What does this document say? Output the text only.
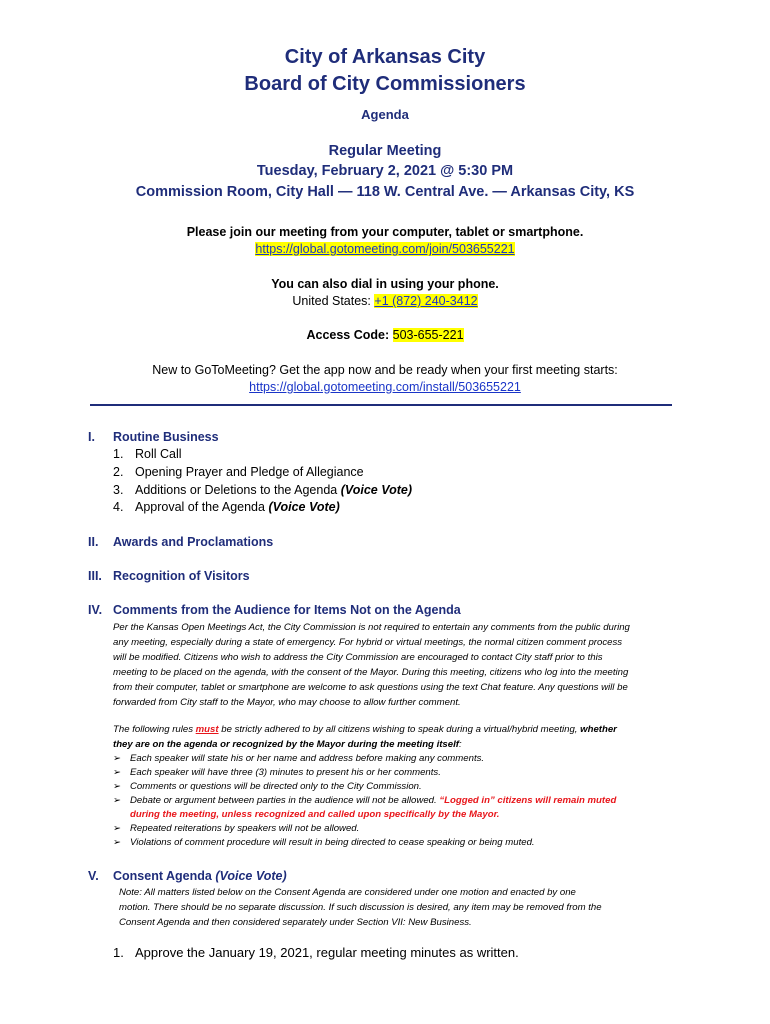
City of Arkansas City
Board of City Commissioners
Agenda
Regular Meeting
Tuesday, February 2, 2021 @ 5:30 PM
Commission Room, City Hall — 118 W. Central Ave. — Arkansas City, KS
Please join our meeting from your computer, tablet or smartphone.
https://global.gotomeeting.com/join/503655221
You can also dial in using your phone.
United States: +1 (872) 240-3412
Access Code: 503-655-221
New to GoToMeeting? Get the app now and be ready when your first meeting starts:
https://global.gotomeeting.com/install/503655221
I. Routine Business
1. Roll Call
2. Opening Prayer and Pledge of Allegiance
3. Additions or Deletions to the Agenda (Voice Vote)
4. Approval of the Agenda (Voice Vote)
II. Awards and Proclamations
III. Recognition of Visitors
IV. Comments from the Audience for Items Not on the Agenda
Per the Kansas Open Meetings Act, the City Commission is not required to entertain any comments from the public during
any meeting, especially during a state of emergency. For hybrid or virtual meetings, the normal citizen comment process
will be modified. Citizens who wish to address the City Commission are encouraged to contact City staff prior to this
meeting to be placed on the agenda, with the consent of the Mayor. During this meeting, citizens who log into the meeting
from their computer, tablet or smartphone are welcome to ask questions using the text Chat feature. Any questions will be
forwarded from City staff to the Mayor, who may choose to allow further comment.
The following rules must be strictly adhered to by all citizens wishing to speak during a virtual/hybrid meeting, whether
they are on the agenda or recognized by the Mayor during the meeting itself:
➢ Each speaker will state his or her name and address before making any comments.
➢ Each speaker will have three (3) minutes to present his or her comments.
➢ Comments or questions will be directed only to the City Commission.
➢ Debate or argument between parties in the audience will not be allowed. “Logged in” citizens will remain muted
during the meeting, unless recognized and called upon specifically by the Mayor.
➢ Repeated reiterations by speakers will not be allowed.
➢ Violations of comment procedure will result in being directed to cease speaking or being muted.
V. Consent Agenda (Voice Vote)
Note: All matters listed below on the Consent Agenda are considered under one motion and enacted by one
motion. There should be no separate discussion. If such discussion is desired, any item may be removed from the
Consent Agenda and then considered separately under Section VII: New Business.
1. Approve the January 19, 2021, regular meeting minutes as written.
